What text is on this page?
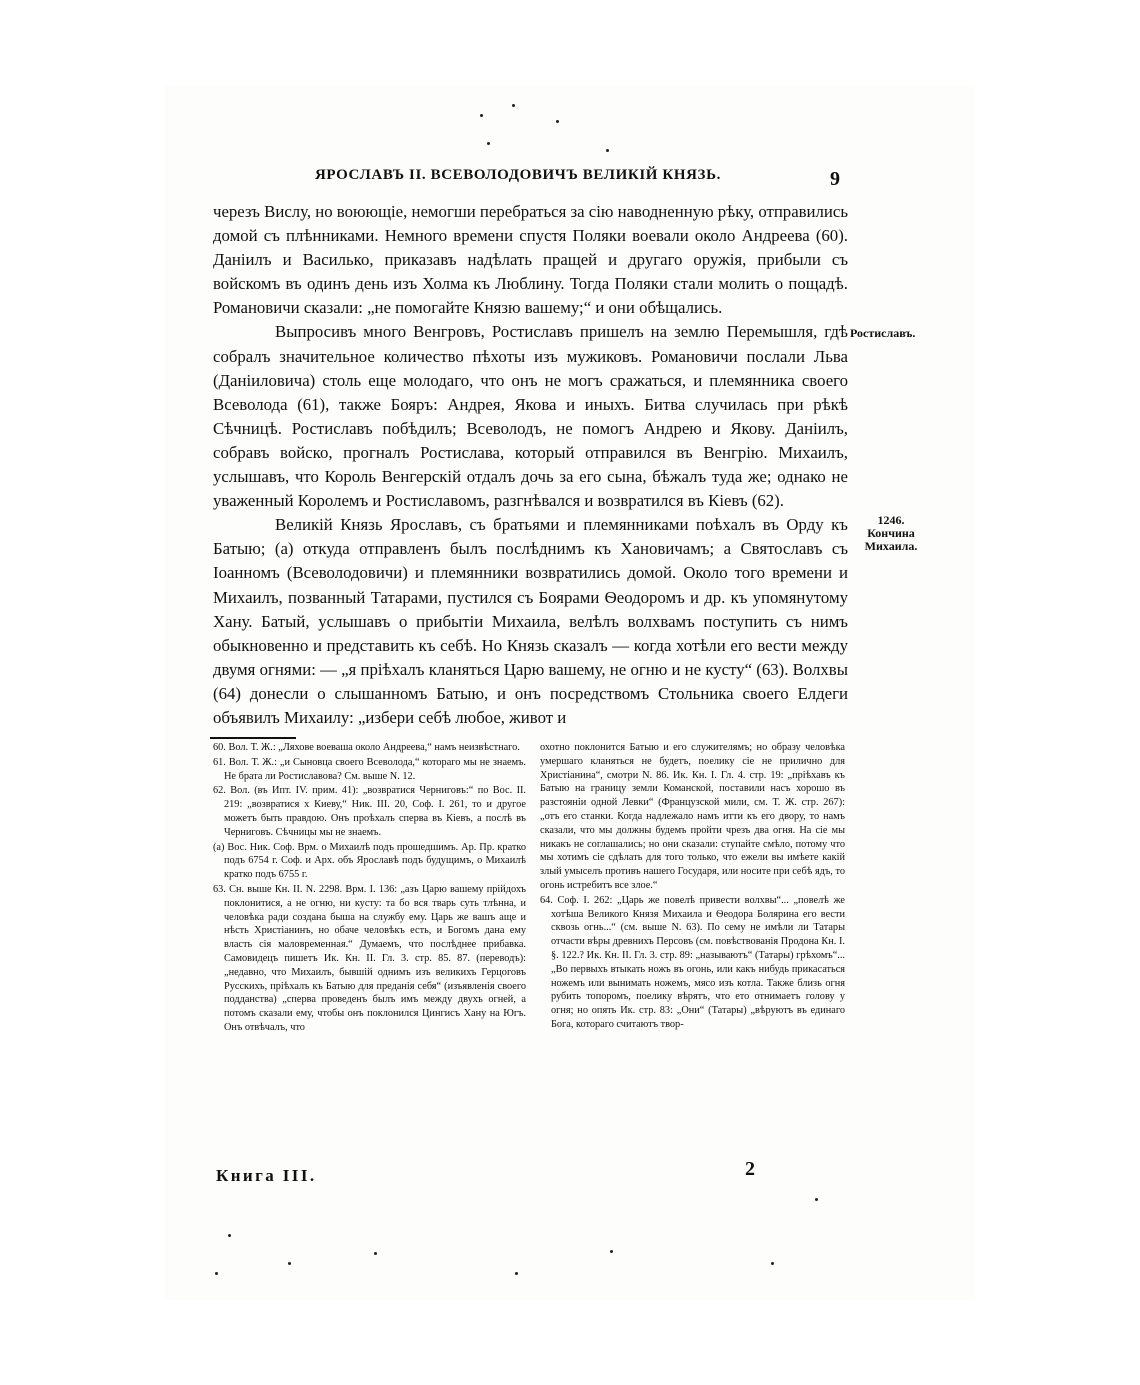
ЯРОСЛАВЪ II. ВСЕВОЛОДОВИЧЪ ВЕЛИКІЙ КНЯЗЬ.	9

черезъ Вислу, но воюющіе, немогши перебраться за сію наводненную рѣку, отправились домой съ плѣнниками. Немного времени спустя Поляки воевали около Андреева (60). Даніилъ и Василько, приказавъ надѣлать пращей и другаго оружія, прибыли съ войскомъ въ одинъ день изъ Холма къ Люблину. Тогда Поляки стали молить о пощадѣ. Романовичи сказали: „не помогайте Князю вашему;“ и они обѣщались.

Выпросивъ много Венгровъ, Ростиславъ пришелъ на землю Перемышля, гдѣ собралъ значительное количество пѣхоты изъ мужиковъ. Романовичи послали Льва (Даніиловича) столь еще молодаго, что онъ не могъ сражаться, и племянника своего Всеволода (61), также Бояръ: Андрея, Якова и иныхъ. Битва случилась при рѣкѣ Сѣчницѣ. Ростиславъ побѣдилъ; Всеволодъ, не помогъ Андрею и Якову. Даніилъ, собравъ войско, прогналъ Ростислава, который отправился въ Венгрію. Михаилъ, услышавъ, что Король Венгерскій отдалъ дочь за его сына, бѣжалъ туда же; однако не уваженный Королемъ и Ростиславомъ, разгнѣвался и возвратился въ Кіевъ (62).

Великій Князь Ярославъ, съ братьями и племянниками поѣхалъ въ Орду къ Батыю; (а) откуда отправленъ былъ послѣднимъ къ Хановичамъ; а Святославъ съ Іоанномъ (Всеволодовичи) и племянники возвратились домой. Около того времени и Михаилъ, позванный Татарами, пустился съ Боярами Ѳеодоромъ и др. къ упомянутому Хану. Батый, услышавъ о прибытіи Михаила, велѣлъ волхвамъ поступить съ нимъ обыкновенно и представить къ себѣ. Но Князь сказалъ — когда хотѣли его вести между двумя огнями: — „я пріѣхалъ кланяться Царю вашему, не огню и не кусту“ (63). Волхвы (64) донесли о слышанномъ Батыю, и онъ посредствомъ Стольника своего Елдеги объявилъ Михаилу: „избери себѣ любое, живот и

Ростиславъ.
1246.
Кончина
Михаила.

60. Вол. Т. Ж.: „Ляхове воеваша около Андреева,“ намъ неизвѣстнаго.

61. Вол. Т. Ж.: „и Сыновца своего Всеволода,“ котораго мы не знаемъ. Не брата ли Ростиславова? См. выше N. 12.

62. Вол. (въ Ипт. IV. прим. 41): „возвратися Черниговъ:“ по Вос. II. 219: „возвратися х Киеву,“ Ник. III. 20, Соф. I. 261, то и другое можетъ быть правдою. Онъ проѣхалъ сперва въ Кіевъ, а послѣ въ Черниговъ. Сѣчницы мы не знаемъ.

(а) Вос. Ник. Соф. Врм. о Михаилѣ подъ прошедшимъ. Ар. Пр. кратко подъ 6754 г. Соф. и Арх. объ Ярославѣ подъ будущимъ, о Михаилѣ кратко подъ 6755 г.

63. Сн. выше Кн. II. N. 2298. Врм. I. 136: „азъ Царю вашему прійдохъ поклонитися, а не огню, ни кусту: та бо вся тварь суть тлѣнна, и человѣка ради создана быша на службу ему. Царь же вашъ аще и нѣсть Христіанинъ, но обаче человѣкъ есть, и Богомъ дана ему власть сія маловременная.“ Думаемъ, что послѣднее прибавка. Самовидецъ пишетъ Ик. Кн. II. Гл. 3. стр. 85. 87. (переводъ): „недавно, что Михаилъ, бывшій однимъ изъ великихъ Герцоговъ Русскихъ, пріѣхалъ къ Батыю для преданія себя“ (изъявленія своего подданства) „сперва проведенъ былъ имъ между двухъ огней, а потомъ сказали ему, чтобы онъ поклонился Цингисъ Хану на Югъ. Онъ отвѣчалъ, что

охотно поклонится Батыю и его служителямъ; но образу человѣка умершаго кланяться не будетъ, поелику сіе не прилично для Христіанина“, смотри N. 86. Ик. Кн. I. Гл. 4. стр. 19: „пріѣхавъ къ Батыю на границу земли Команской, поставили насъ хорошо въ разстояніи одной Левки“ (Французской мили, см. Т. Ж. стр. 267): „отъ его станки. Когда надлежало намъ итти къ его двору, то намъ сказали, что мы должны будемъ пройти чрезъ два огня. На сіе мы никакъ не соглашались; но они сказали: ступайте смѣло, потому что мы хотимъ сіе сдѣлать для того только, что ежели вы имѣете какій злый умыселъ противъ нашего Государя, или носите при себѣ ядъ, то огонь истребитъ все злое.“

64. Соф. I. 262: „Царь же повелѣ привести волхвы“... „повелѣ же хотѣша Великого Князя Михаила и Ѳеодора Болярина его вести сквозь огнь...“ (см. выше N. 63). По сему не имѣли ли Татары отчасти вѣры древнихъ Персовъ (см. повѣствованія Продона Кн. I. §. 122.? Ик. Кн. II. Гл. 3. стр. 89: „называютъ“ (Татары) грѣхомъ“... „Во первыхъ втыкать ножъ въ огонь, или какъ нибудь прикасаться ножемъ или вынимать ножемъ, мясо изъ котла. Также близь огня рубить топоромъ, поелику вѣрятъ, что ето отнимаетъ голову у огня; но опять Ик. стр. 83: „Они“ (Татары) „вѣруютъ въ единаго Бога, котораго считаютъ твор-

Книга III.	2
